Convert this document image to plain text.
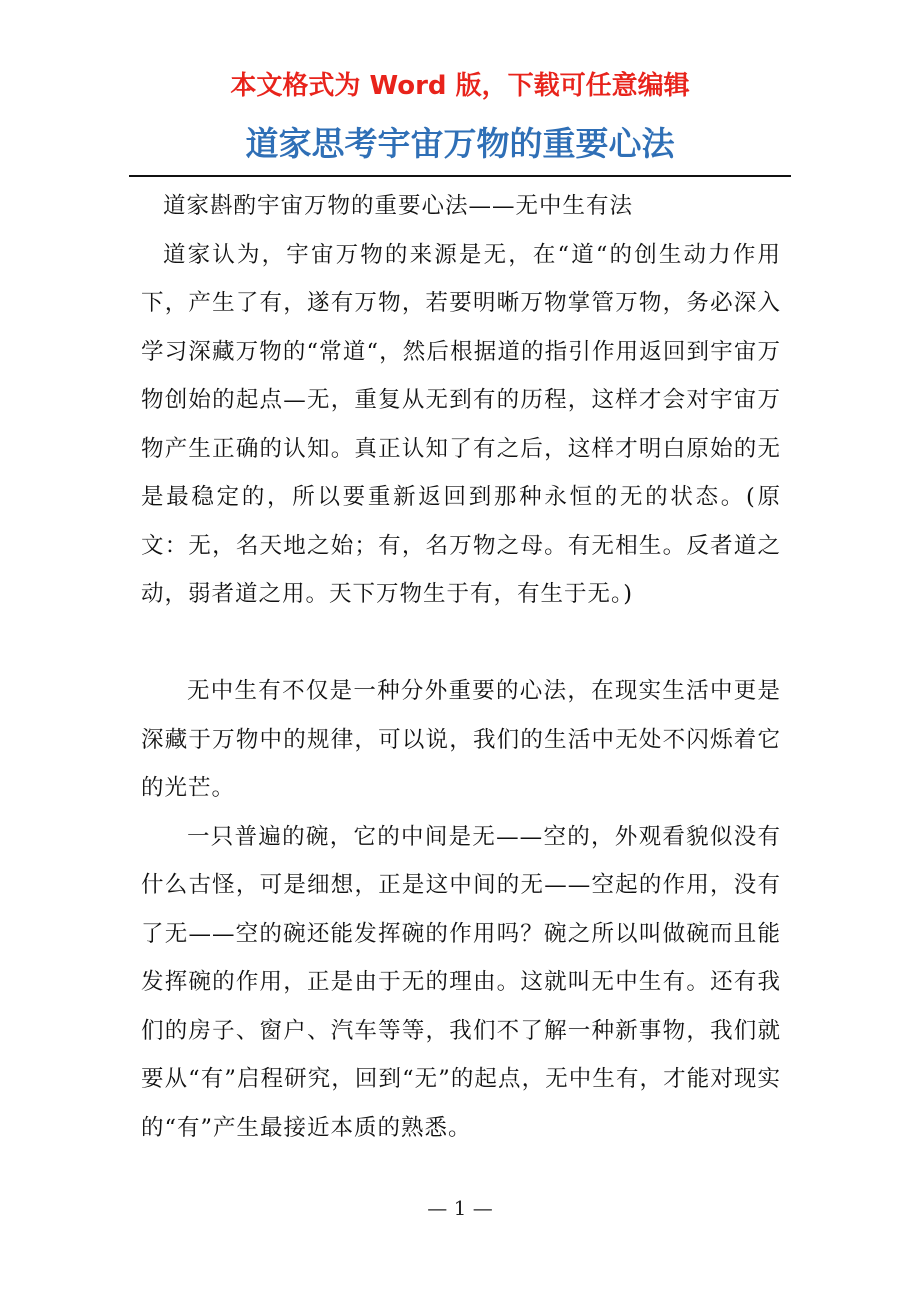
本文格式为 Word 版，下载可任意编辑
道家思考宇宙万物的重要心法

道家斟酌宇宙万物的重要心法——无中生有法

道家认为，宇宙万物的来源是无，在“道“的创生动力作用下，产生了有，遂有万物，若要明晰万物掌管万物，务必深入学习深藏万物的“常道“，然后根据道的指引作用返回到宇宙万物创始的起点—无，重复从无到有的历程，这样才会对宇宙万物产生正确的认知。真正认知了有之后，这样才明白原始的无是最稳定的，所以要重新返回到那种永恒的无的状态。(原文：无，名天地之始；有，名万物之母。有无相生。反者道之动，弱者道之用。天下万物生于有，有生于无。)

无中生有不仅是一种分外重要的心法，在现实生活中更是深藏于万物中的规律，可以说，我们的生活中无处不闪烁着它的光芒。

一只普遍的碗，它的中间是无——空的，外观看貌似没有什么古怪，可是细想，正是这中间的无——空起的作用，没有了无——空的碗还能发挥碗的作用吗？碗之所以叫做碗而且能发挥碗的作用，正是由于无的理由。这就叫无中生有。还有我们的房子、窗户、汽车等等，我们不了解一种新事物，我们就要从“有”启程研究，回到“无”的起点，无中生有，才能对现实的“有”产生最接近本质的熟悉。

— 1 —
